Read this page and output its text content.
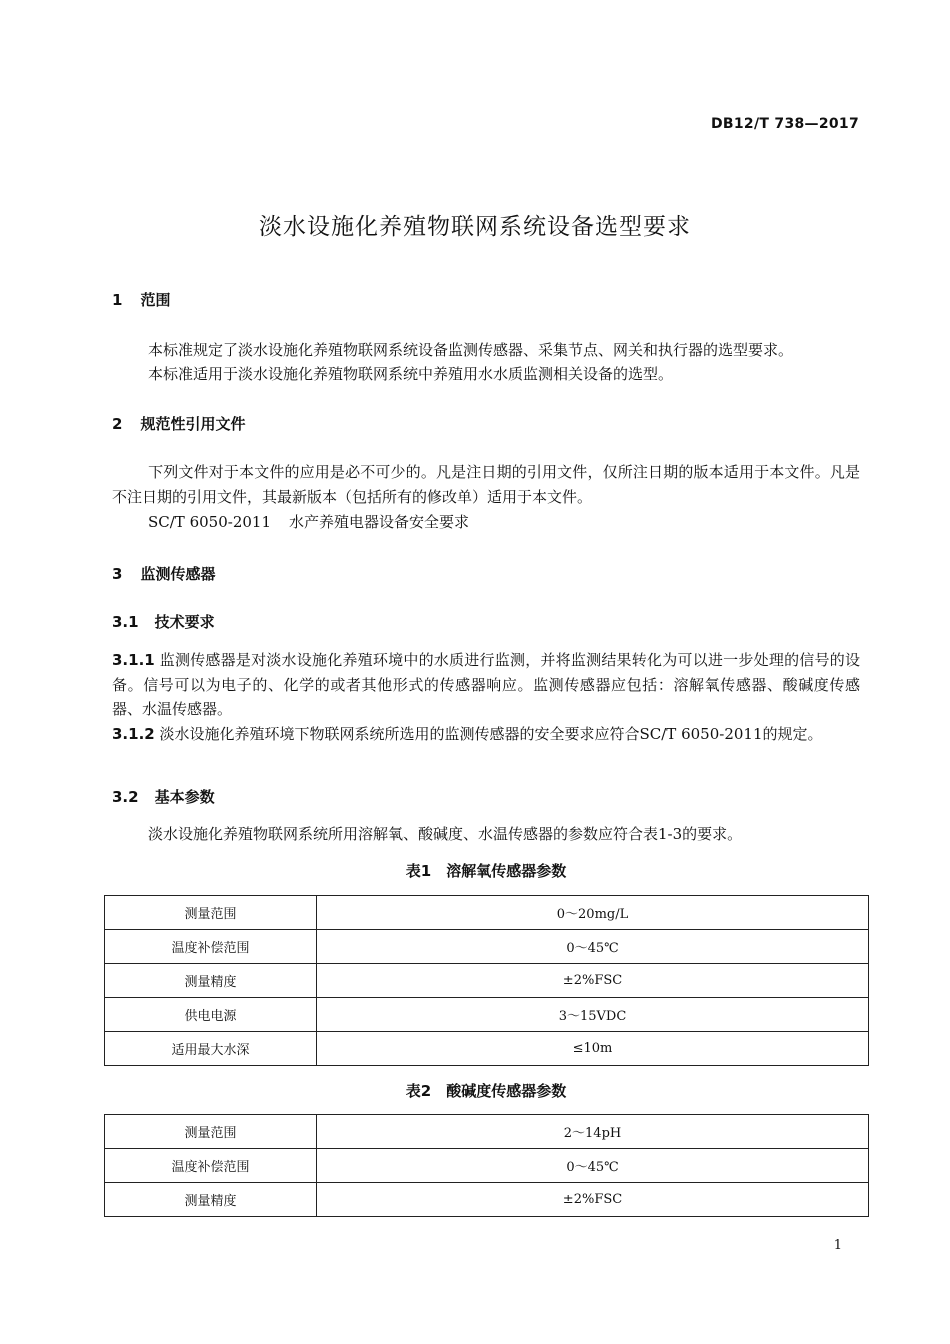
DB12/T 738—2017
淡水设施化养殖物联网系统设备选型要求
1 范围
本标准规定了淡水设施化养殖物联网系统设备监测传感器、采集节点、网关和执行器的选型要求。
本标准适用于淡水设施化养殖物联网系统中养殖用水水质监测相关设备的选型。
2 规范性引用文件
下列文件对于本文件的应用是必不可少的。凡是注日期的引用文件，仅所注日期的版本适用于本文件。凡是不注日期的引用文件，其最新版本（包括所有的修改单）适用于本文件。
SC/T 6050-2011 水产养殖电器设备安全要求
3 监测传感器
3.1 技术要求
3.1.1 监测传感器是对淡水设施化养殖环境中的水质进行监测，并将监测结果转化为可以进一步处理的信号的设备。信号可以为电子的、化学的或者其他形式的传感器响应。监测传感器应包括：溶解氧传感器、酸碱度传感器、水温传感器。
3.1.2 淡水设施化养殖环境下物联网系统所选用的监测传感器的安全要求应符合SC/T 6050-2011的规定。
3.2 基本参数
淡水设施化养殖物联网系统所用溶解氧、酸碱度、水温传感器的参数应符合表1-3的要求。
表1　溶解氧传感器参数
测量范围	0～20mg/L
温度补偿范围	0～45℃
测量精度	±2%FSC
供电电源	3～15VDC
适用最大水深	≤10m
表2　酸碱度传感器参数
测量范围	2～14pH
温度补偿范围	0～45℃
测量精度	±2%FSC
1
